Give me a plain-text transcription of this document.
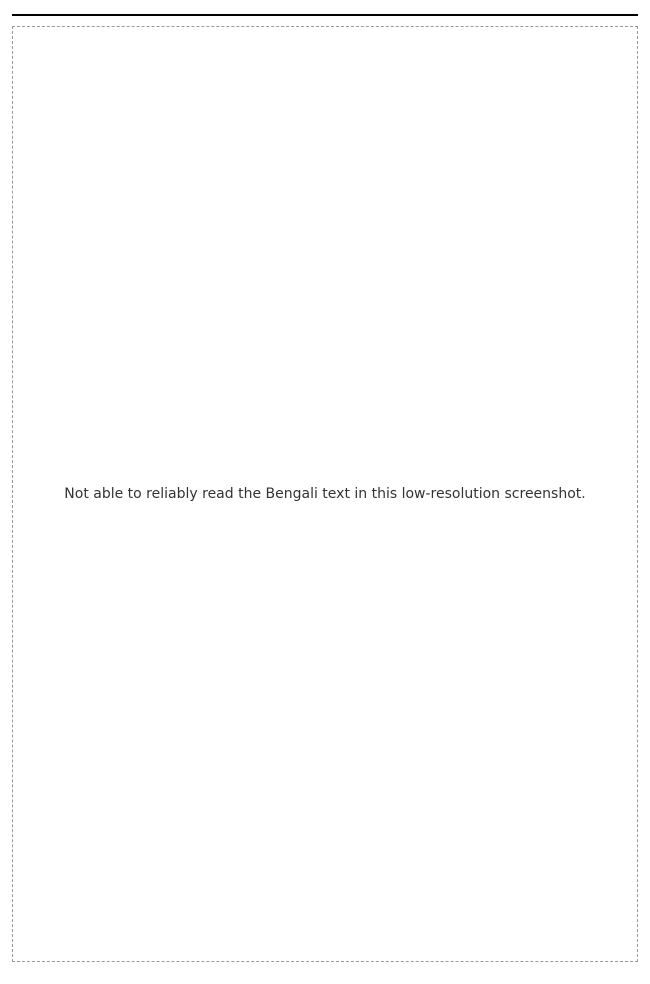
Not able to reliably read the Bengali text in this low-resolution screenshot.
